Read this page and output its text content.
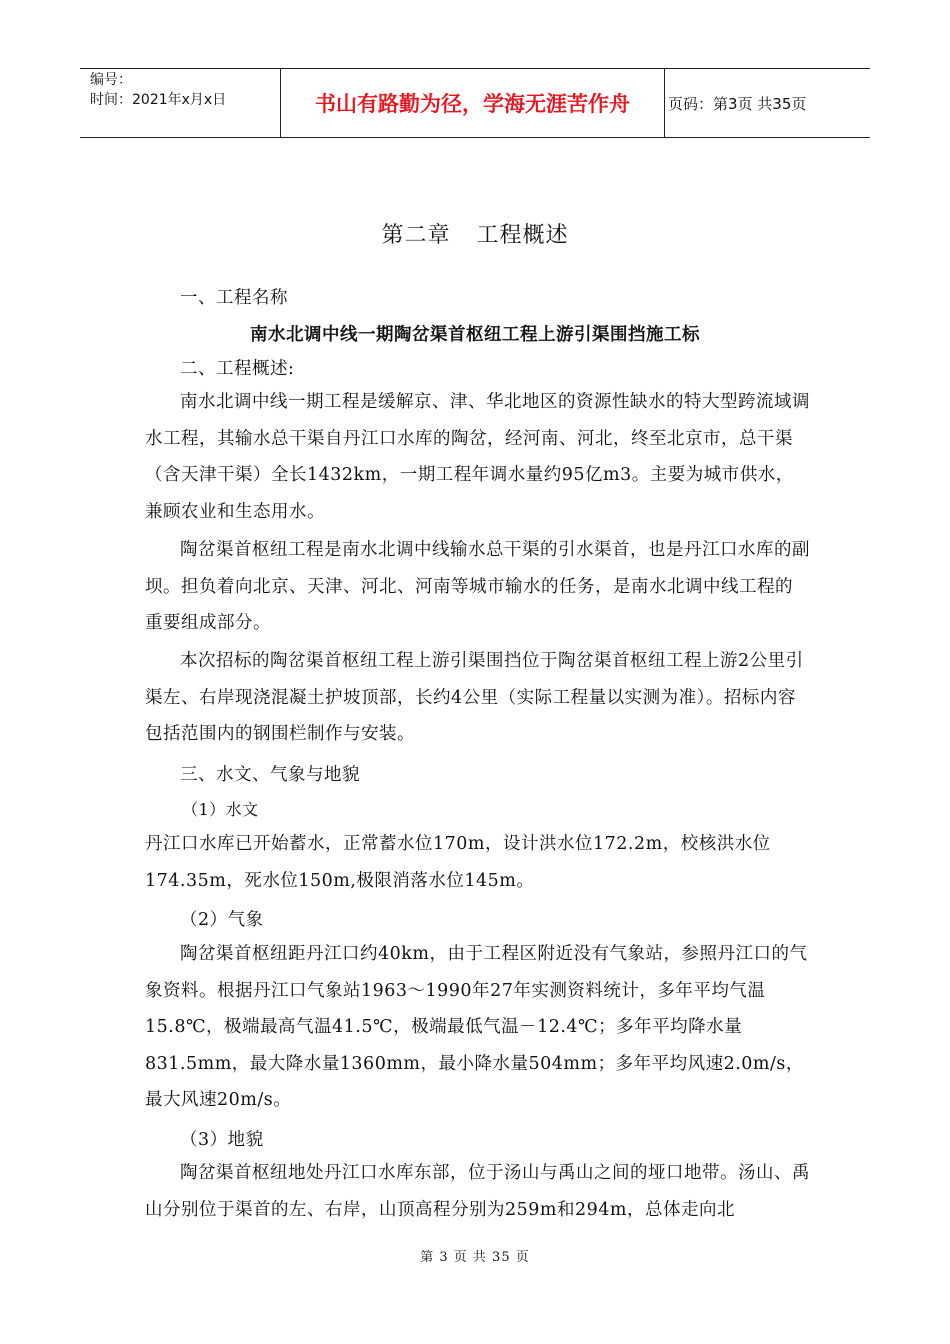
编号：
时间：2021年x月x日	书山有路勤为径，学海无涯苦作舟	页码：第3页 共35页
第二章 工程概述
一、工程名称
南水北调中线一期陶岔渠首枢纽工程上游引渠围挡施工标
二、工程概述:

南水北调中线一期工程是缓解京、津、华北地区的资源性缺水的特大型跨流域调水工程，其输水总干渠自丹江口水库的陶岔，经河南、河北，终至北京市，总干渠（含天津干渠）全长1432km，一期工程年调水量约95亿m3。主要为城市供水，兼顾农业和生态用水。

陶岔渠首枢纽工程是南水北调中线输水总干渠的引水渠首，也是丹江口水库的副坝。担负着向北京、天津、河北、河南等城市输水的任务，是南水北调中线工程的重要组成部分。

本次招标的陶岔渠首枢纽工程上游引渠围挡位于陶岔渠首枢纽工程上游2公里引渠左、右岸现浇混凝土护坡顶部，长约4公里（实际工程量以实测为准）。招标内容包括范围内的钢围栏制作与安装。

三、水文、气象与地貌
（1）水文

丹江口水库已开始蓄水，正常蓄水位170m，设计洪水位172.2m，校核洪水位174.35m，死水位150m,极限消落水位145m。

（2）气象

陶岔渠首枢纽距丹江口约40km，由于工程区附近没有气象站，参照丹江口的气象资料。根据丹江口气象站1963～1990年27年实测资料统计，多年平均气温15.8℃，极端最高气温41.5℃，极端最低气温－12.4℃；多年平均降水量831.5mm，最大降水量1360mm，最小降水量504mm；多年平均风速2.0m/s，最大风速20m/s。

（3）地貌

陶岔渠首枢纽地处丹江口水库东部，位于汤山与禹山之间的垭口地带。汤山、禹山分别位于渠首的左、右岸，山顶高程分别为259m和294m，总体走向北

第 3 页 共 35 页
